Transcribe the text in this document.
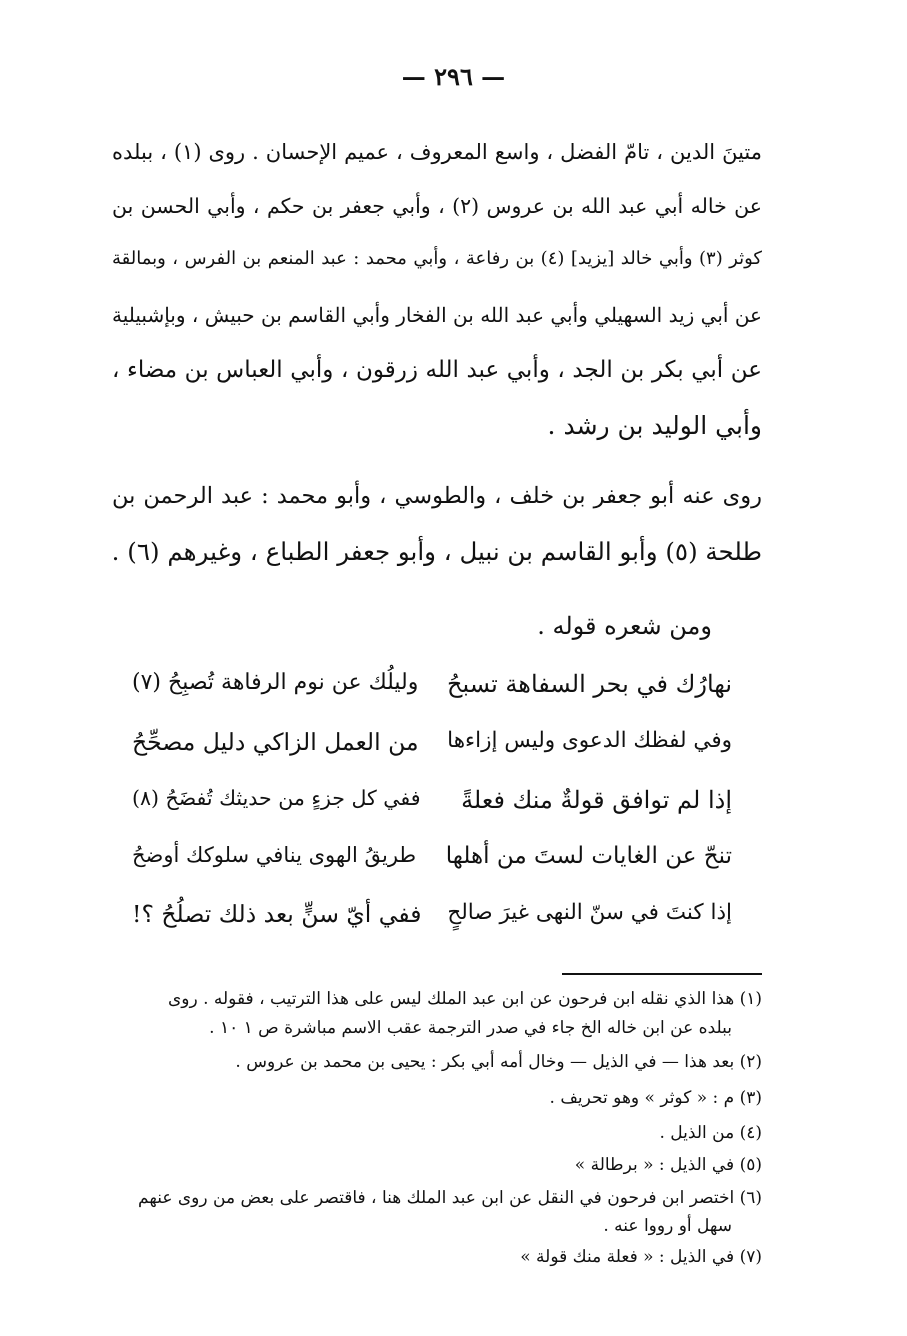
— ٢٩٦ —
متينَ الدين ، تامّ الفضل ، واسع المعروف ، عميم الإحسان . روى (١) ، ببلده
عن خاله أبي عبد الله بن عروس (٢) ، وأبي جعفر بن حكم ، وأبي الحسن بن
كوثر (٣) وأبي خالد [يزيد] (٤) بن رفاعة ، وأبي محمد : عبد المنعم بن الفرس ، وبمالقة
عن أبي زيد السهيلي وأبي عبد الله بن الفخار وأبي القاسم بن حبيش ، وبإشبيلية
عن أبي بكر بن الجد ، وأبي عبد الله زرقون ، وأبي العباس بن مضاء ،
وأبي الوليد بن رشد .
روى عنه أبو جعفر بن خلف ، والطوسي ، وأبو محمد : عبد الرحمن بن
طلحة (٥) وأبو القاسم بن نبيل ، وأبو جعفر الطباع ، وغيرهم (٦) .
ومن شعره قوله .
نهارُك في بحر السفاهة تسبحُ
وليلُك عن نوم الرفاهة تُصبِحُ (٧)
وفي لفظك الدعوى وليس إزاءها
من العمل الزاكي دليل مصحِّحُ
إذا لم توافق قولةٌ منك فعلةً
ففي كل جزءٍ من حديثك تُفضَحُ (٨)
تنحّ عن الغايات لستَ من أهلها
طريقُ الهوى ينافي سلوكك أوضحُ
إذا كنتَ في سنّ النهى غيرَ صالحٍ
ففي أيّ سنٍّ بعد ذلك تصلُحُ ؟!
(١) هذا الذي نقله ابن فرحون عن ابن عبد الملك ليس على هذا الترتيب ، فقوله . روى
ببلده عن ابن خاله الخ جاء في صدر الترجمة عقب الاسم مباشرة ص ١ ١٠ .
(٢) بعد هذا — في الذيل — وخال أمه أبي بكر : يحيى بن محمد بن عروس .
(٣) م : « كوثر » وهو تحريف .
(٤) من الذيل .
(٥) في الذيل : « برطالة »
(٦) اختصر ابن فرحون في النقل عن ابن عبد الملك هنا ، فاقتصر على بعض من روى عنهم
سهل أو رووا عنه .
(٧) في الذيل : « فعلة منك قولة »
